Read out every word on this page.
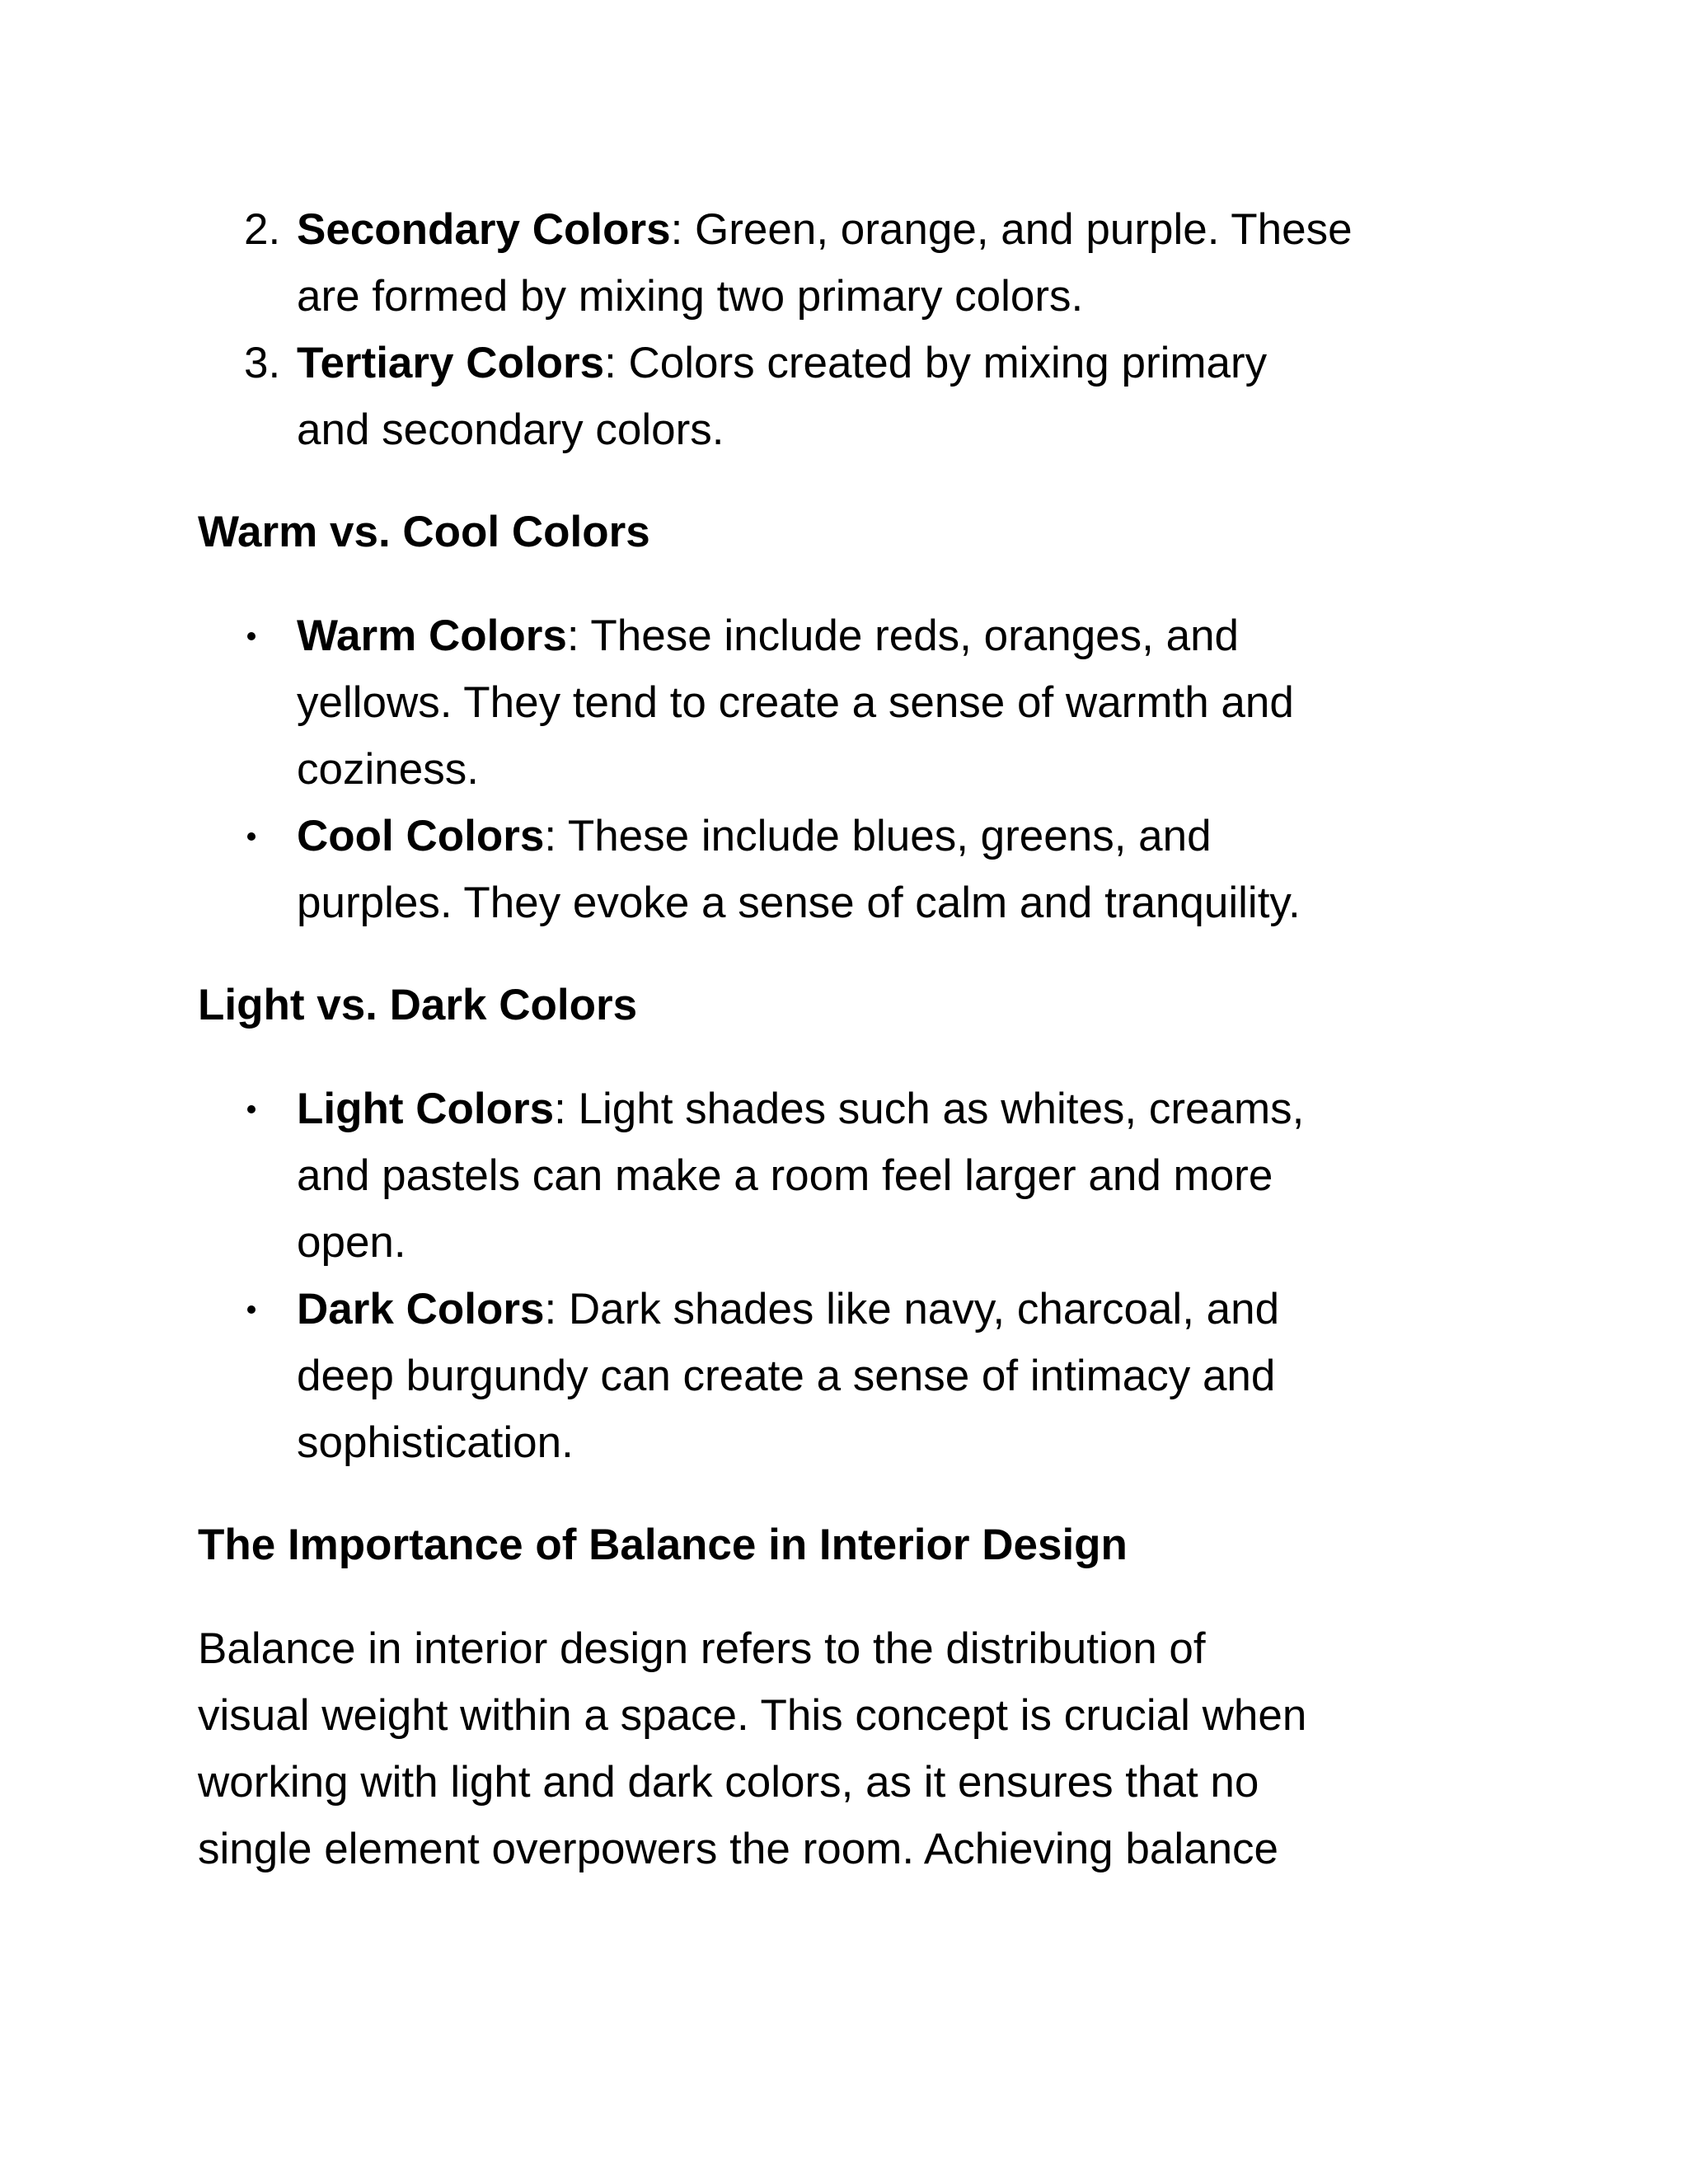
2. Secondary Colors: Green, orange, and purple. These
are formed by mixing two primary colors.
3. Tertiary Colors: Colors created by mixing primary
and secondary colors.
Warm vs. Cool Colors
Warm Colors: These include reds, oranges, and
yellows. They tend to create a sense of warmth and
coziness.
Cool Colors: These include blues, greens, and
purples. They evoke a sense of calm and tranquility.
Light vs. Dark Colors
Light Colors: Light shades such as whites, creams,
and pastels can make a room feel larger and more
open.
Dark Colors: Dark shades like navy, charcoal, and
deep burgundy can create a sense of intimacy and
sophistication.
The Importance of Balance in Interior Design
Balance in interior design refers to the distribution of
visual weight within a space. This concept is crucial when
working with light and dark colors, as it ensures that no
single element overpowers the room. Achieving balance
